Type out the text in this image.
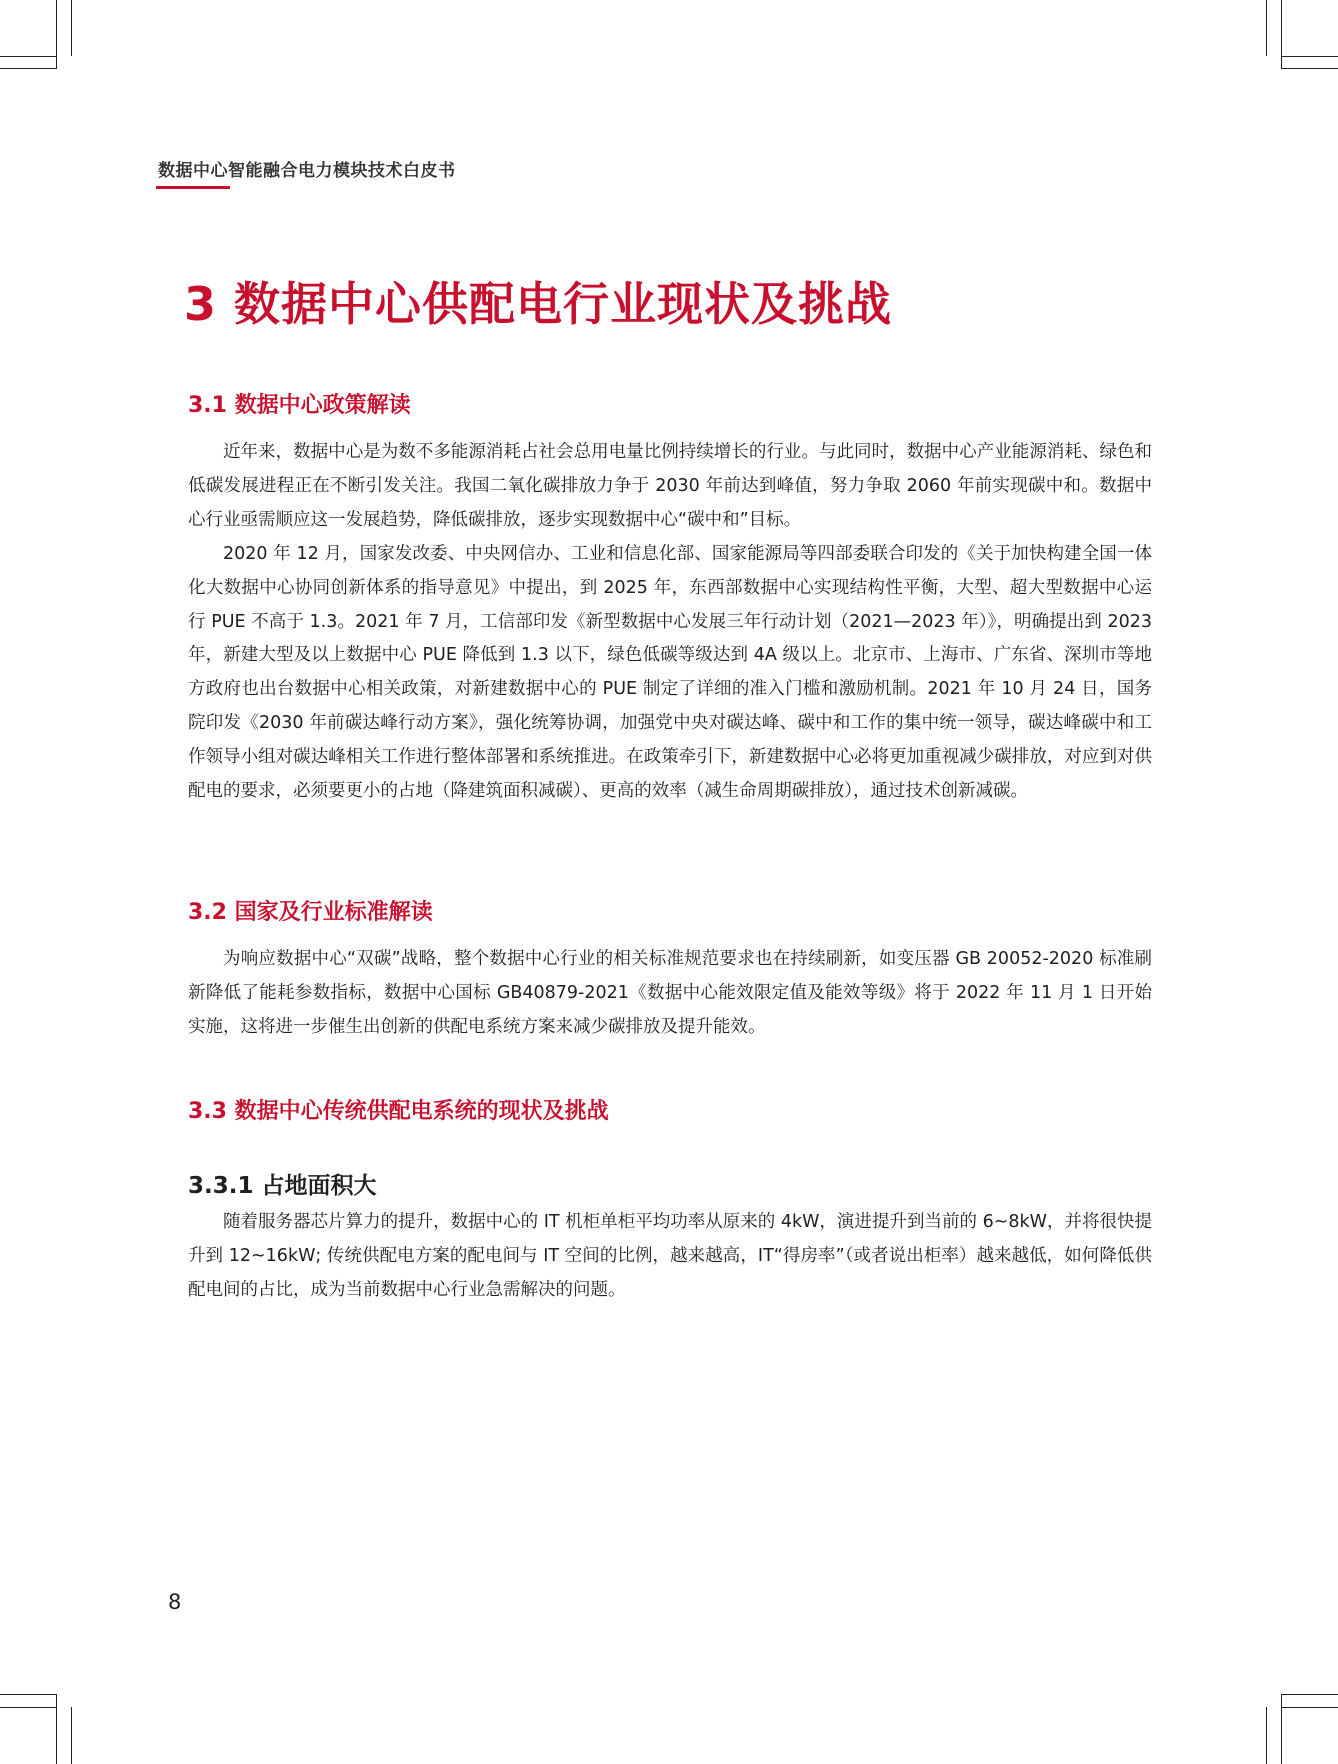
数据中心智能融合电力模块技术白皮书
3 数据中心供配电行业现状及挑战
3.1 数据中心政策解读

近年来，数据中心是为数不多能源消耗占社会总用电量比例持续增长的行业。与此同时，数据中心产业能源消耗、绿色和低碳发展进程正在不断引发关注。我国二氧化碳排放力争于 2030 年前达到峰值，努力争取 2060 年前实现碳中和。数据中心行业亟需顺应这一发展趋势，降低碳排放，逐步实现数据中心“碳中和”目标。

2020 年 12 月，国家发改委、中央网信办、工业和信息化部、国家能源局等四部委联合印发的《关于加快构建全国一体化大数据中心协同创新体系的指导意见》中提出，到 2025 年，东西部数据中心实现结构性平衡，大型、超大型数据中心运行 PUE 不高于 1.3。2021 年 7 月，工信部印发《新型数据中心发展三年行动计划（2021—2023 年）》，明确提出到 2023 年，新建大型及以上数据中心 PUE 降低到 1.3 以下，绿色低碳等级达到 4A 级以上。北京市、上海市、广东省、深圳市等地方政府也出台数据中心相关政策，对新建数据中心的 PUE 制定了详细的准入门槛和激励机制。2021 年 10 月 24 日，国务院印发《2030 年前碳达峰行动方案》，强化统筹协调，加强党中央对碳达峰、碳中和工作的集中统一领导，碳达峰碳中和工作领导小组对碳达峰相关工作进行整体部署和系统推进。在政策牵引下，新建数据中心必将更加重视减少碳排放，对应到对供配电的要求，必须要更小的占地（降建筑面积减碳）、更高的效率（减生命周期碳排放），通过技术创新减碳。

3.2 国家及行业标准解读

为响应数据中心“双碳”战略，整个数据中心行业的相关标准规范要求也在持续刷新，如变压器 GB 20052-2020 标准刷新降低了能耗参数指标，数据中心国标 GB40879-2021《数据中心能效限定值及能效等级》将于 2022 年 11 月 1 日开始实施，这将进一步催生出创新的供配电系统方案来减少碳排放及提升能效。

3.3 数据中心传统供配电系统的现状及挑战
3.3.1 占地面积大

随着服务器芯片算力的提升，数据中心的 IT 机柜单柜平均功率从原来的 4kW，演进提升到当前的 6~8kW，并将很快提升到 12~16kW; 传统供配电方案的配电间与 IT 空间的比例，越来越高，IT“得房率”（或者说出柜率）越来越低，如何降低供配电间的占比，成为当前数据中心行业急需解决的问题。

8
